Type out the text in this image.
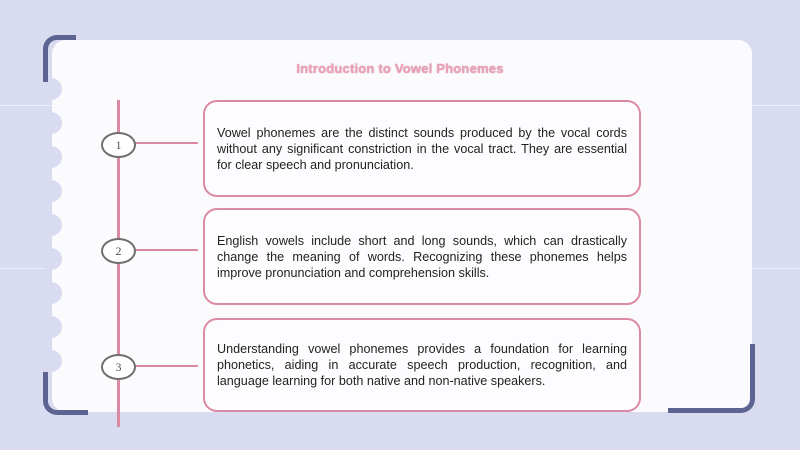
Introduction to Vowel Phonemes
1

Vowel phonemes are the distinct sounds produced by the vocal cords without any significant constriction in the vocal tract. They are essential for clear speech and pronunciation.

2

English vowels include short and long sounds, which can drastically change the meaning of words. Recognizing these phonemes helps improve pronunciation and comprehension skills.

3

Understanding vowel phonemes provides a foundation for learning phonetics, aiding in accurate speech production, recognition, and language learning for both native and non-native speakers.
